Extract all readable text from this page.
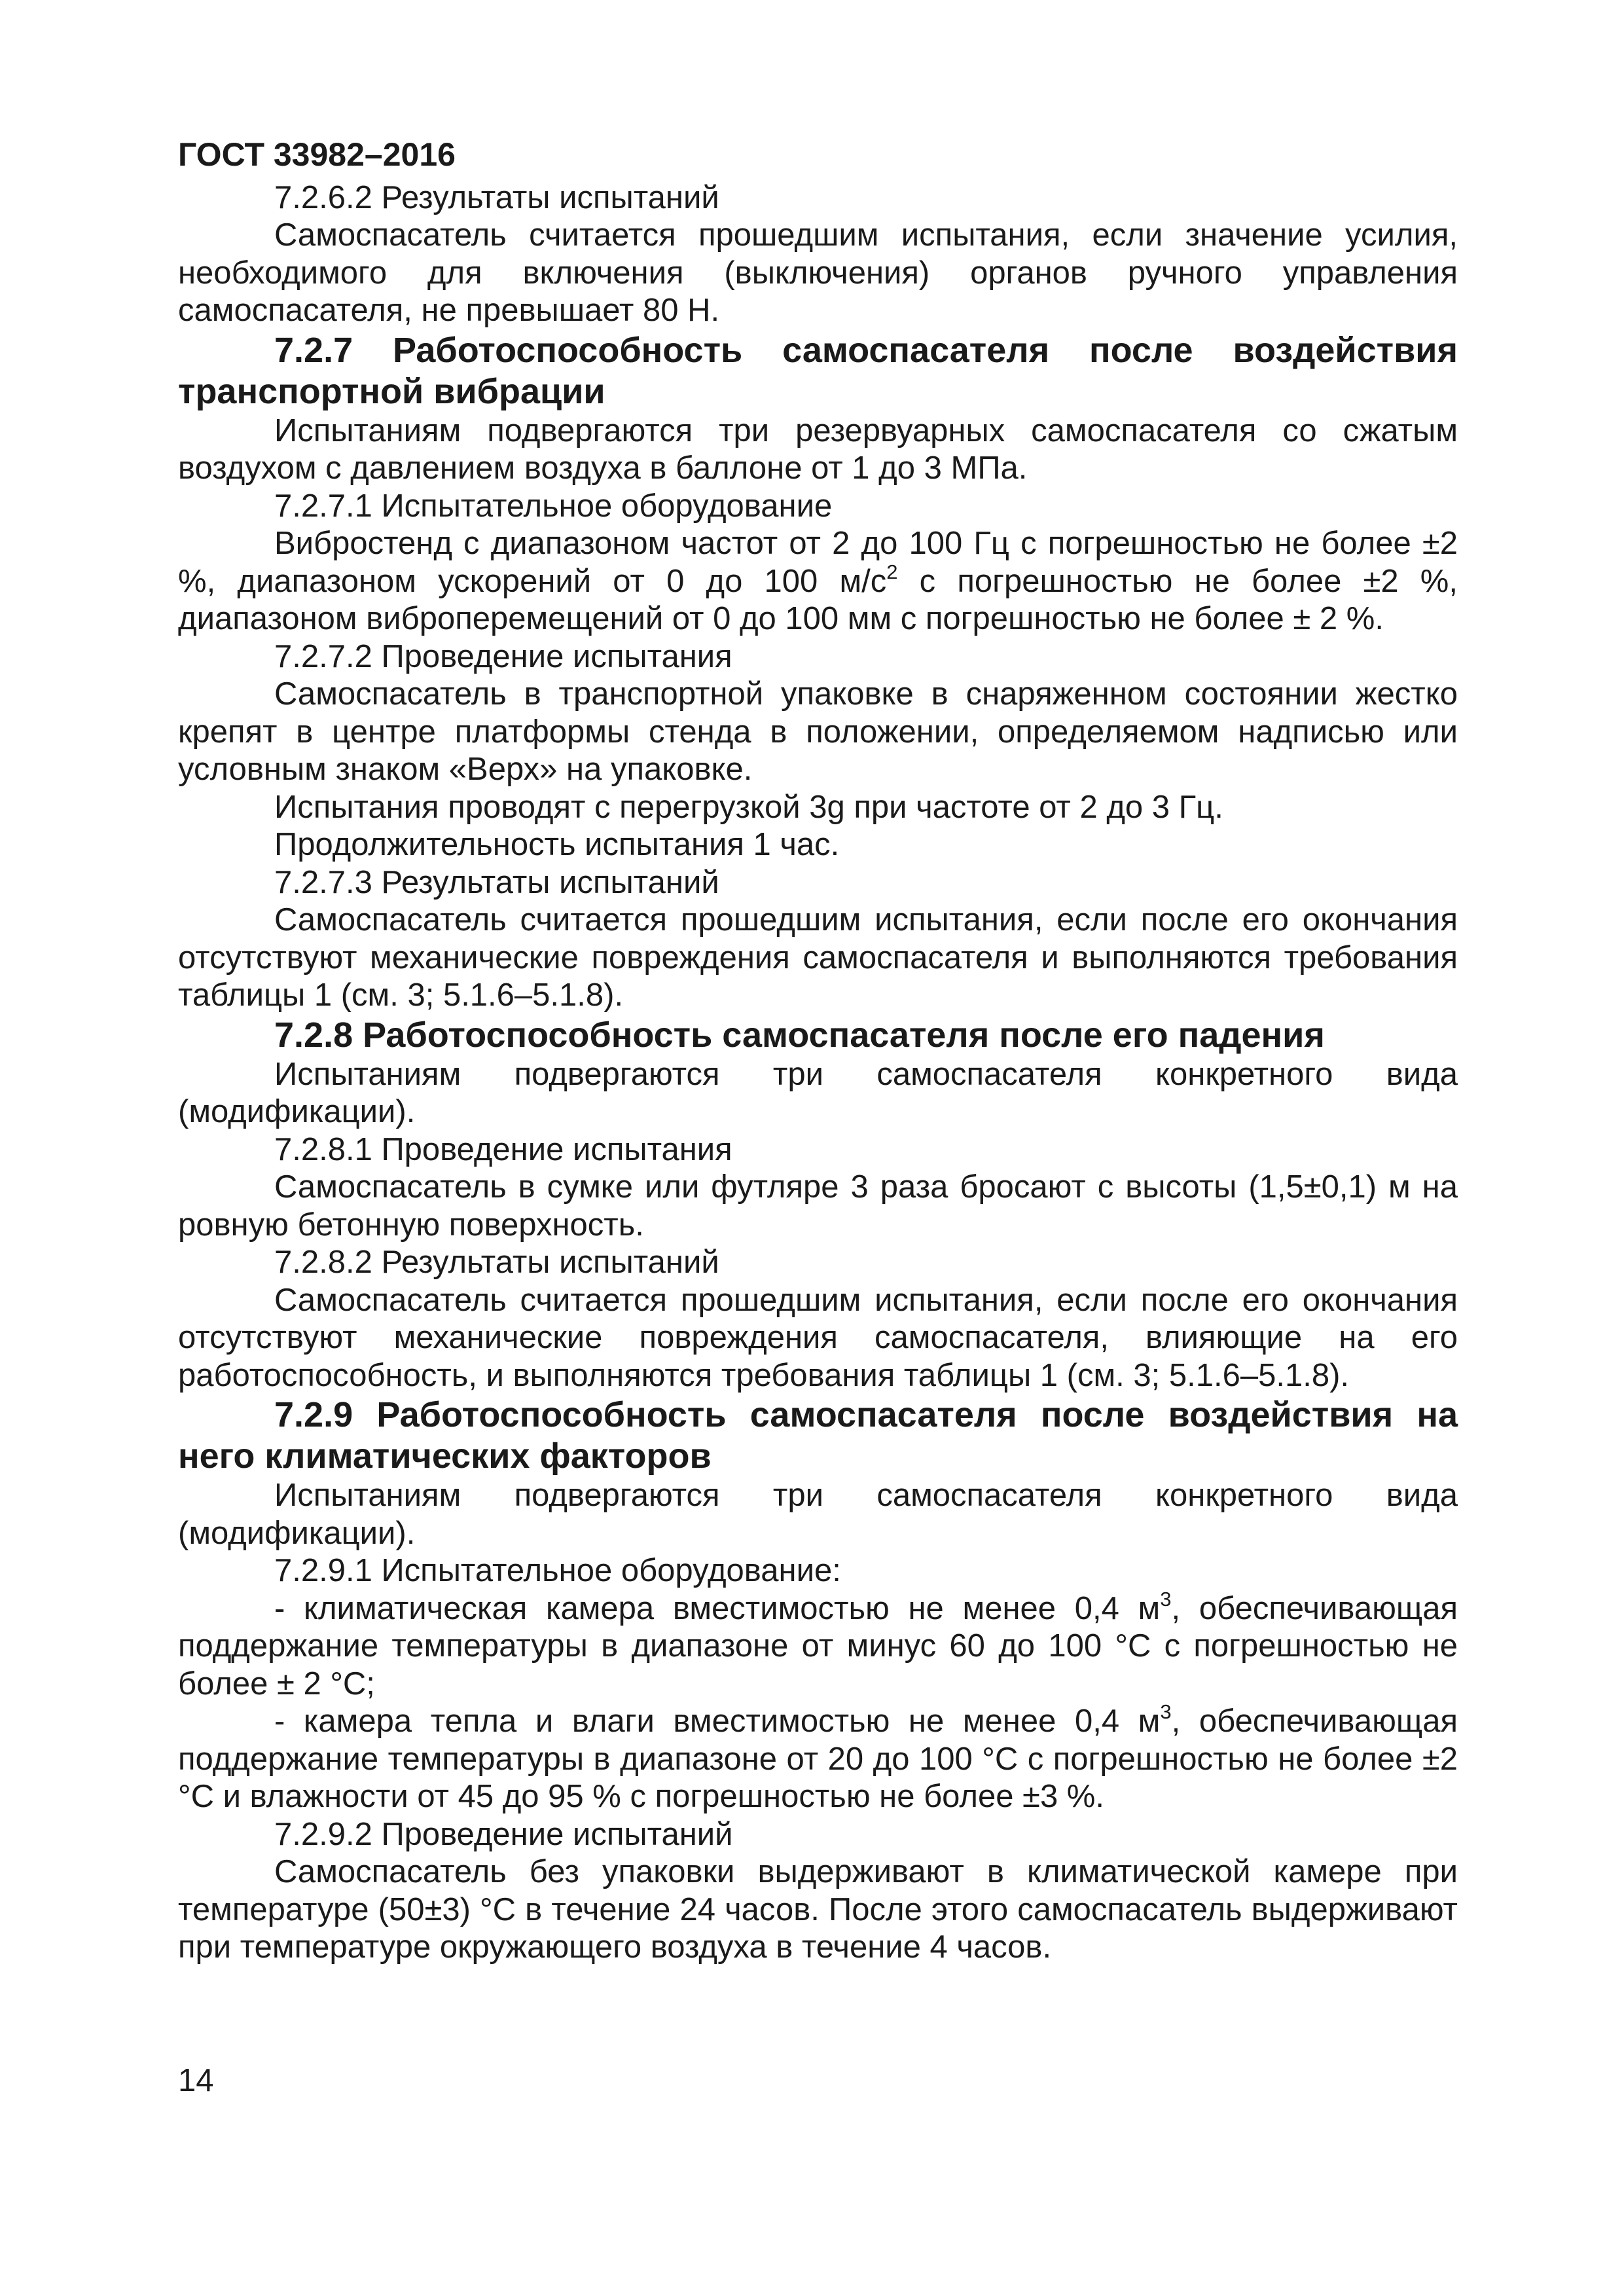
ГОСТ 33982–2016

7.2.6.2 Результаты испытаний

Самоспасатель считается прошедшим испытания, если значение усилия, необходимого для включения (выключения) органов ручного управления самоспасателя, не превышает 80 Н.

7.2.7 Работоспособность самоспасателя после воздействия транспортной вибрации

Испытаниям подвергаются три резервуарных самоспасателя со сжатым воздухом с давлением воздуха в баллоне от 1 до 3 МПа.

7.2.7.1 Испытательное оборудование

Вибростенд с диапазоном частот от 2 до 100 Гц с погрешностью не более ±2 %, диапазоном ускорений от 0 до 100 $м/с^2$ с погрешностью не более ±2 %, диапазоном виброперемещений от 0 до 100 мм с погрешностью не более ± 2 %.

7.2.7.2 Проведение испытания

Самоспасатель в транспортной упаковке в снаряженном состоянии жестко крепят в центре платформы стенда в положении, определяемом надписью или условным знаком «Верх» на упаковке.

Испытания проводят с перегрузкой 3g при частоте от 2 до 3 Гц.

Продолжительность испытания 1 час.

7.2.7.3 Результаты испытаний

Самоспасатель считается прошедшим испытания, если после его окончания отсутствуют механические повреждения самоспасателя и выполняются требования таблицы 1 (см. 3; 5.1.6–5.1.8).

7.2.8 Работоспособность самоспасателя после его падения

Испытаниям подвергаются три самоспасателя конкретного вида (модификации).

7.2.8.1 Проведение испытания

Самоспасатель в сумке или футляре 3 раза бросают с высоты (1,5±0,1) м на ровную бетонную поверхность.

7.2.8.2 Результаты испытаний

Самоспасатель считается прошедшим испытания, если после его окончания отсутствуют механические повреждения самоспасателя, влияющие на его работоспособность, и выполняются требования таблицы 1 (см. 3; 5.1.6–5.1.8).

7.2.9 Работоспособность самоспасателя после воздействия на него климатических факторов

Испытаниям подвергаются три самоспасателя конкретного вида (модификации).

7.2.9.1 Испытательное оборудование:

- климатическая камера вместимостью не менее 0,4 $м^3$, обеспечивающая поддержание температуры в диапазоне от минус 60 до 100 °С с погрешностью не более ± 2 °С;

- камера тепла и влаги вместимостью не менее 0,4 $м^3$, обеспечивающая поддержание температуры в диапазоне от 20 до 100 °С с погрешностью не более ±2 °С и влажности от 45 до 95 % с погрешностью не более ±3 %.

7.2.9.2 Проведение испытаний

Самоспасатель без упаковки выдерживают в климатической камере при температуре (50±3) °С в течение 24 часов. После этого самоспасатель выдерживают при температуре окружающего воздуха в течение 4 часов.

14
